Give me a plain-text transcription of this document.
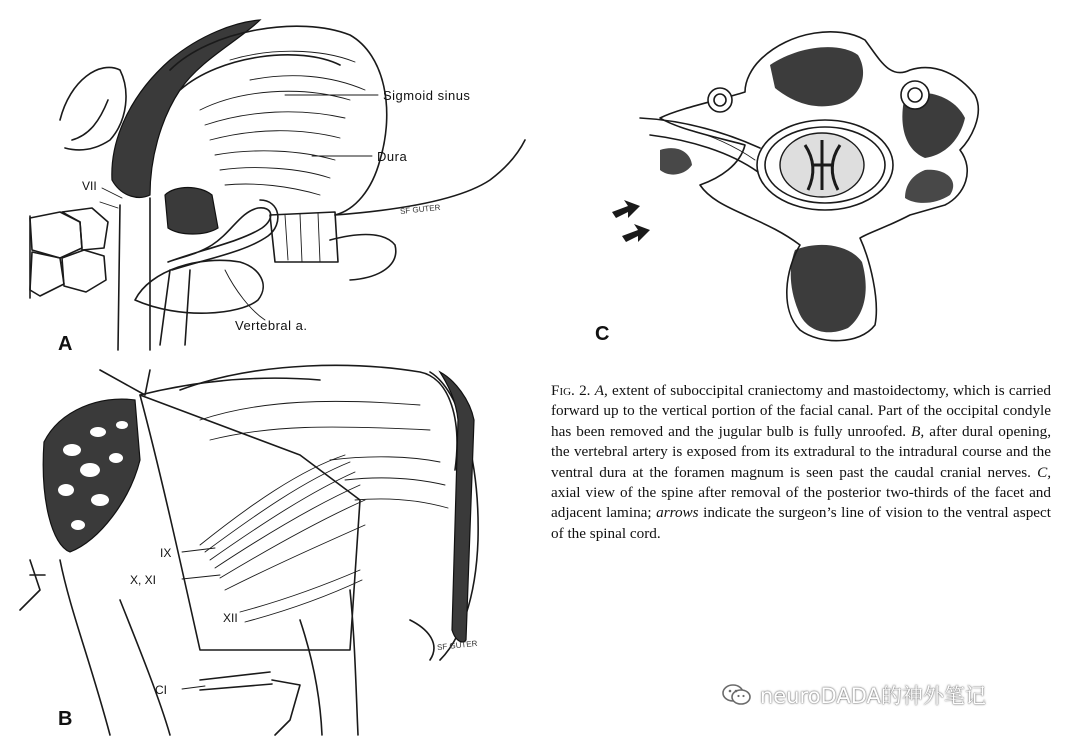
Sigmoid sinus
Dura
VII
Vertebral a.
A
IX
X, XI
XII
CI
B
C
SF GUTER
SF GUTER
Fig. 2. A, extent of suboccipital craniectomy and mastoidectomy, which is carried forward up to the vertical portion of the facial canal. Part of the occipital condyle has been removed and the jugular bulb is fully unroofed. B, after dural opening, the vertebral artery is exposed from its extradural to the intradural course and the ventral dura at the foramen magnum is seen past the caudal cranial nerves. C, axial view of the spine after removal of the posterior two-thirds of the facet and adjacent lamina; arrows indicate the surgeon’s line of vision to the ventral aspect of the spinal cord.
neuroDADA的神外笔记
